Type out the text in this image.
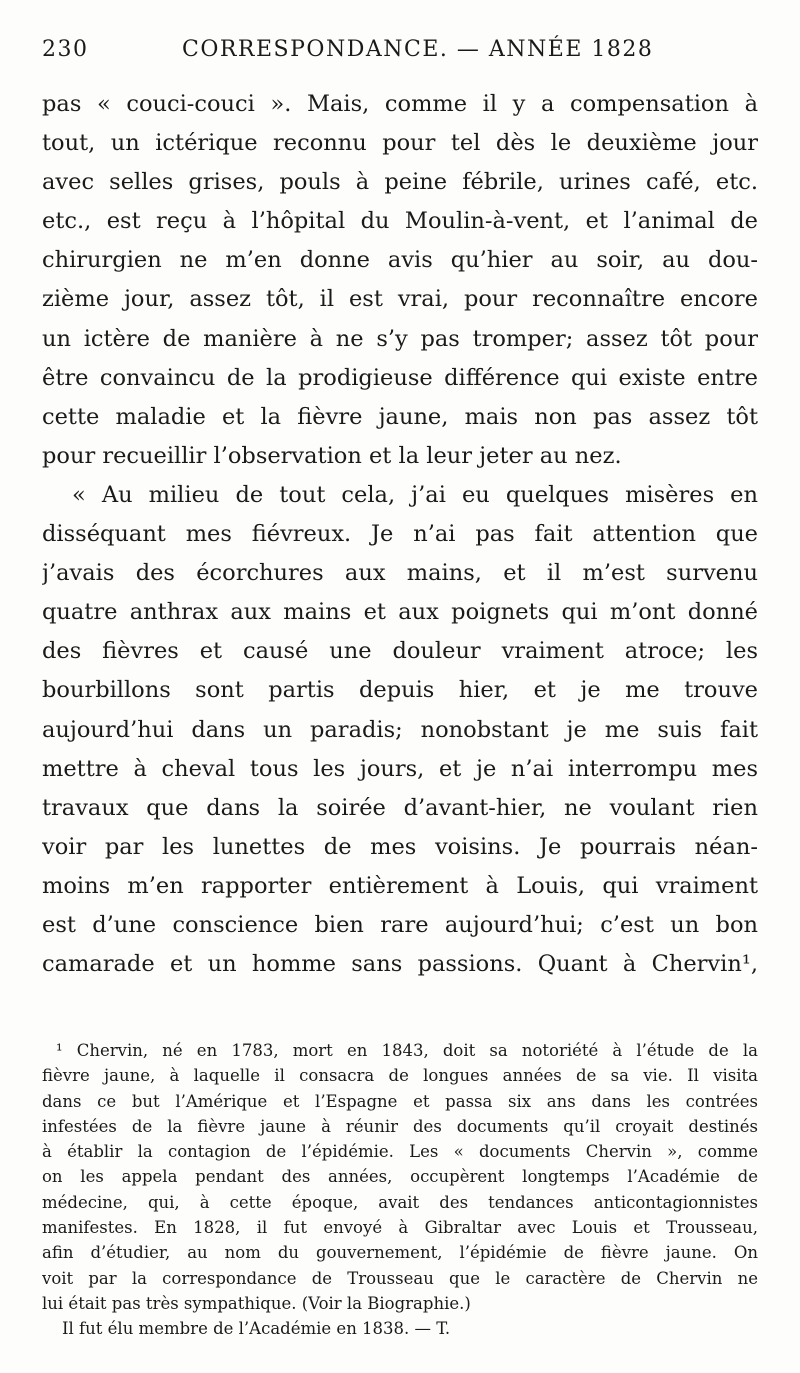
230	CORRESPONDANCE. — ANNÉE 1828
pas « couci-couci ». Mais, comme il y a compensation à
tout, un ictérique reconnu pour tel dès le deuxième jour
avec selles grises, pouls à peine fébrile, urines café, etc.
etc., est reçu à l’hôpital du Moulin-à-vent, et l’animal de
chirurgien ne m’en donne avis qu’hier au soir, au dou-
zième jour, assez tôt, il est vrai, pour reconnaître encore
un ictère de manière à ne s’y pas tromper; assez tôt pour
être convaincu de la prodigieuse différence qui existe entre
cette maladie et la fièvre jaune, mais non pas assez tôt
pour recueillir l’observation et la leur jeter au nez.
« Au milieu de tout cela, j’ai eu quelques misères en
disséquant mes fiévreux. Je n’ai pas fait attention que
j’avais des écorchures aux mains, et il m’est survenu
quatre anthrax aux mains et aux poignets qui m’ont donné
des fièvres et causé une douleur vraiment atroce; les
bourbillons sont partis depuis hier, et je me trouve
aujourd’hui dans un paradis; nonobstant je me suis fait
mettre à cheval tous les jours, et je n’ai interrompu mes
travaux que dans la soirée d’avant-hier, ne voulant rien
voir par les lunettes de mes voisins. Je pourrais néan-
moins m’en rapporter entièrement à Louis, qui vraiment
est d’une conscience bien rare aujourd’hui; c’est un bon
camarade et un homme sans passions. Quant à Chervin¹,
¹ Chervin, né en 1783, mort en 1843, doit sa notoriété à l’étude de la
fièvre jaune, à laquelle il consacra de longues années de sa vie. Il visita
dans ce but l’Amérique et l’Espagne et passa six ans dans les contrées
infestées de la fièvre jaune à réunir des documents qu’il croyait destinés
à établir la contagion de l’épidémie. Les « documents Chervin », comme
on les appela pendant des années, occupèrent longtemps l’Académie de
médecine, qui, à cette époque, avait des tendances anticontagionnistes
manifestes. En 1828, il fut envoyé à Gibraltar avec Louis et Trousseau,
afin d’étudier, au nom du gouvernement, l’épidémie de fièvre jaune. On
voit par la correspondance de Trousseau que le caractère de Chervin ne
lui était pas très sympathique. (Voir la Biographie.)
Il fut élu membre de l’Académie en 1838. — T.
